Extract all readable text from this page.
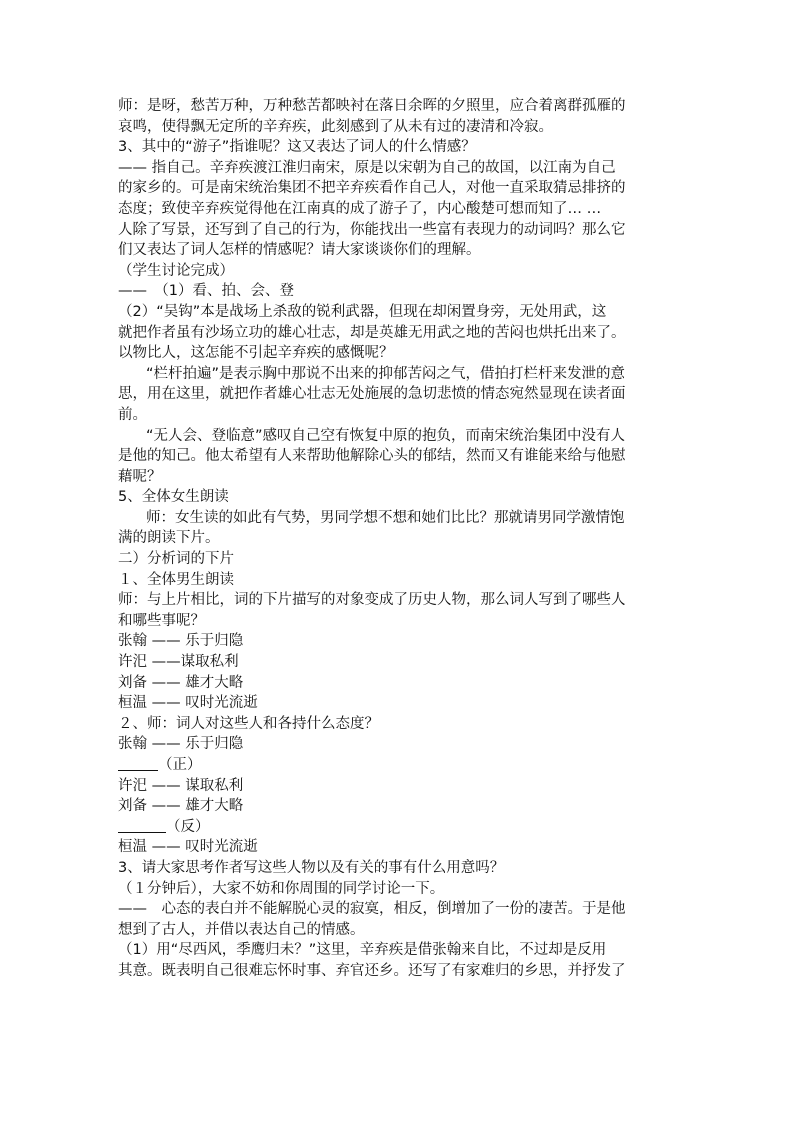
师：是呀，愁苦万种，万种愁苦都映衬在落日余晖的夕照里，应合着离群孤雁的
哀鸣，使得飘无定所的辛弃疾，此刻感到了从未有过的凄清和冷寂。
3、其中的“游子”指谁呢？这又表达了词人的什么情感？
—— 指自己。辛弃疾渡江淮归南宋，原是以宋朝为自己的故国，以江南为自己
的家乡的。可是南宋统治集团不把辛弃疾看作自己人，对他一直采取猜忌排挤的
态度；致使辛弃疾觉得他在江南真的成了游子了，内心酸楚可想而知了… …
人除了写景，还写到了自己的行为，你能找出一些富有表现力的动词吗？那么它
们又表达了词人怎样的情感呢？请大家谈谈你们的理解。
（学生讨论完成）
——　（1）看、拍、会、登
（2）“吴钩”本是战场上杀敌的锐利武器，但现在却闲置身旁，无处用武，这
就把作者虽有沙场立功的雄心壮志，却是英雄无用武之地的苦闷也烘托出来了。
以物比人，这怎能不引起辛弃疾的感慨呢？
“栏杆拍遍”是表示胸中那说不出来的抑郁苦闷之气，借拍打栏杆来发泄的意
思，用在这里，就把作者雄心壮志无处施展的急切悲愤的情态宛然显现在读者面
前。
“无人会、登临意”感叹自己空有恢复中原的抱负，而南宋统治集团中没有人
是他的知己。他太希望有人来帮助他解除心头的郁结，然而又有谁能来给与他慰
藉呢？
5、全体女生朗读
师：女生读的如此有气势，男同学想不想和她们比比？那就请男同学激情饱
满的朗读下片。
二）分析词的下片
１、全体男生朗读
师：与上片相比，词的下片描写的对象变成了历史人物，那么词人写到了哪些人
和哪些事呢？
张翰 —— 乐于归隐
许汜 ——谋取私利
刘备 —— 雄才大略
桓温 —— 叹时光流逝
２、师：词人对这些人和各持什么态度？
张翰 —— 乐于归隐
（正）
许汜 —— 谋取私利
刘备 —— 雄才大略
（反）
桓温 —— 叹时光流逝
3、请大家思考作者写这些人物以及有关的事有什么用意吗？
（１分钟后），大家不妨和你周围的同学讨论一下。
——　心态的表白并不能解脱心灵的寂寞，相反，倒增加了一份的凄苦。于是他
想到了古人，并借以表达自己的情感。
（1）用“尽西风，季鹰归未？”这里，辛弃疾是借张翰来自比，不过却是反用
其意。既表明自己很难忘怀时事、弃官还乡。还写了有家难归的乡思，并抒发了
